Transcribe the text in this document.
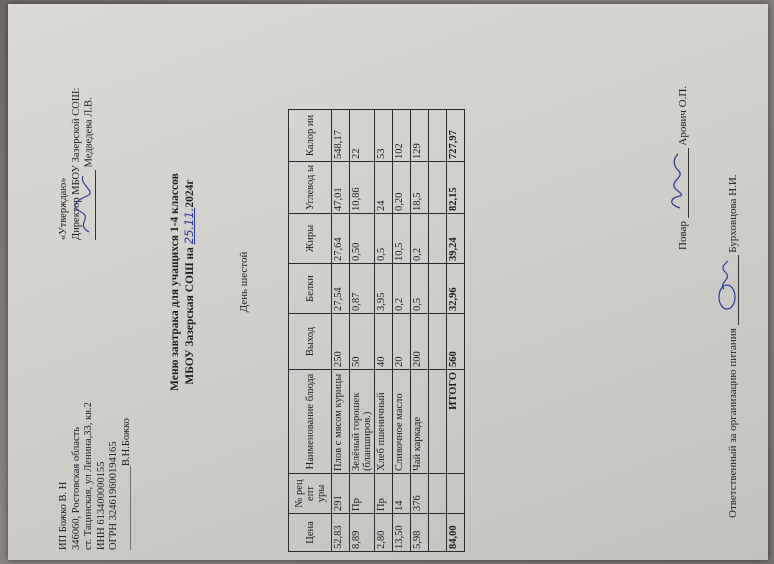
ИП Божко В. Н 346060, Ростовская область ст. Тацинская, ул Ленина,33, кв.2 ИНН 613400000155 ОГРН 324619600194165 ________________В.Н.Божко
«Утверждаю» Директор МБОУ Зазерской СОШ: Медведева Л.В.
Меню завтрака для учащихся 1-4 классов МБОУ Зазерская СОШ на 25.11.2024г
День шестой
Цена	№ рец епт уры	Наименование блюда	Выход	Белки	Жиры	Углевод ы	Калор ии
52,83	291	Плов с мясом курицы	250	27,54	27,64	47,01	548,17
8,89	Пр	Зелёный горошек (бланширов.)	50	0,87	0,50	10,86	22
2,80	Пр	Хлеб пшеничный	40	3,95	0,5	24	53
13,50	14	Сливочное масло	20	0,2	10,5	0,20	102
5,98	376	Чай каркаде	200	0,5	0,2	18,5	129

84,00		ИТОГО	560	32,96	39,24	82,15	727,97
Повар
Арович О.П.
Ответственный за организацию питания
Бурховцова Н.И.
